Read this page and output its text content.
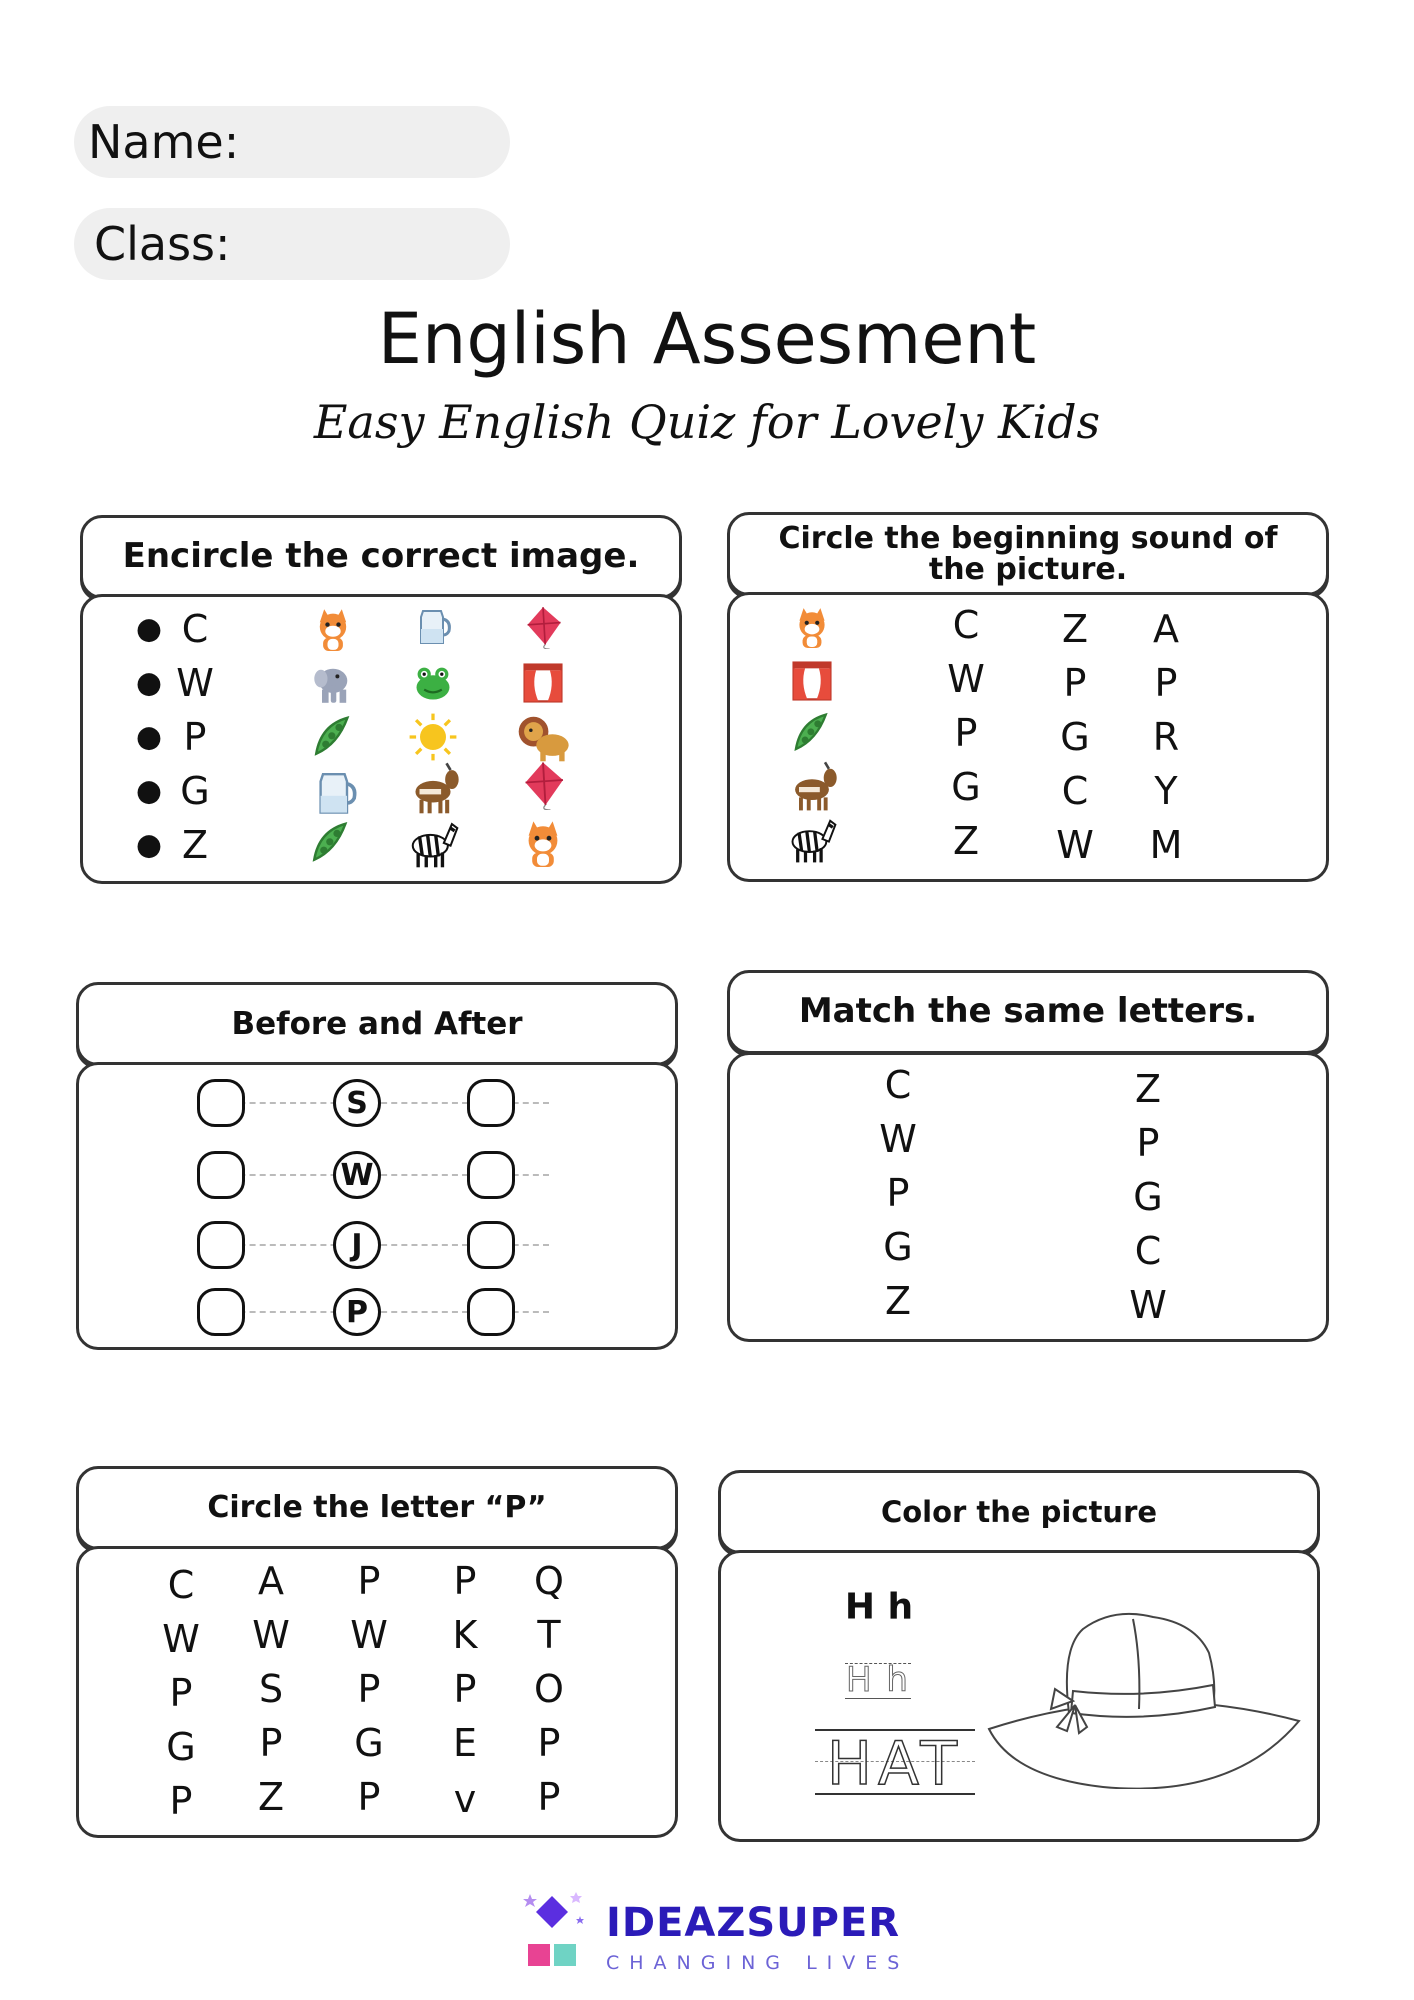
Name:
Class:
English Assesment
Easy English Quiz for Lovely Kids
Encircle the correct image.
● C
● W
● P
● G
● Z
Circle the beginning sound of the picture.
C Z A
W P P
P G R
G C Y
Z W M
Before and After
S
W
J
P
Match the same letters.
C
W
P
G
Z
Z
P
G
C
W
Circle the letter “P”
C
W
P
G
P
A
W
S
P
Z
P
W
P
G
P
P
K
P
E
v
Q
T
O
P
P
Color the picture
H h
H h
HAT
IDEAZSUPER
CHANGING LIVES
